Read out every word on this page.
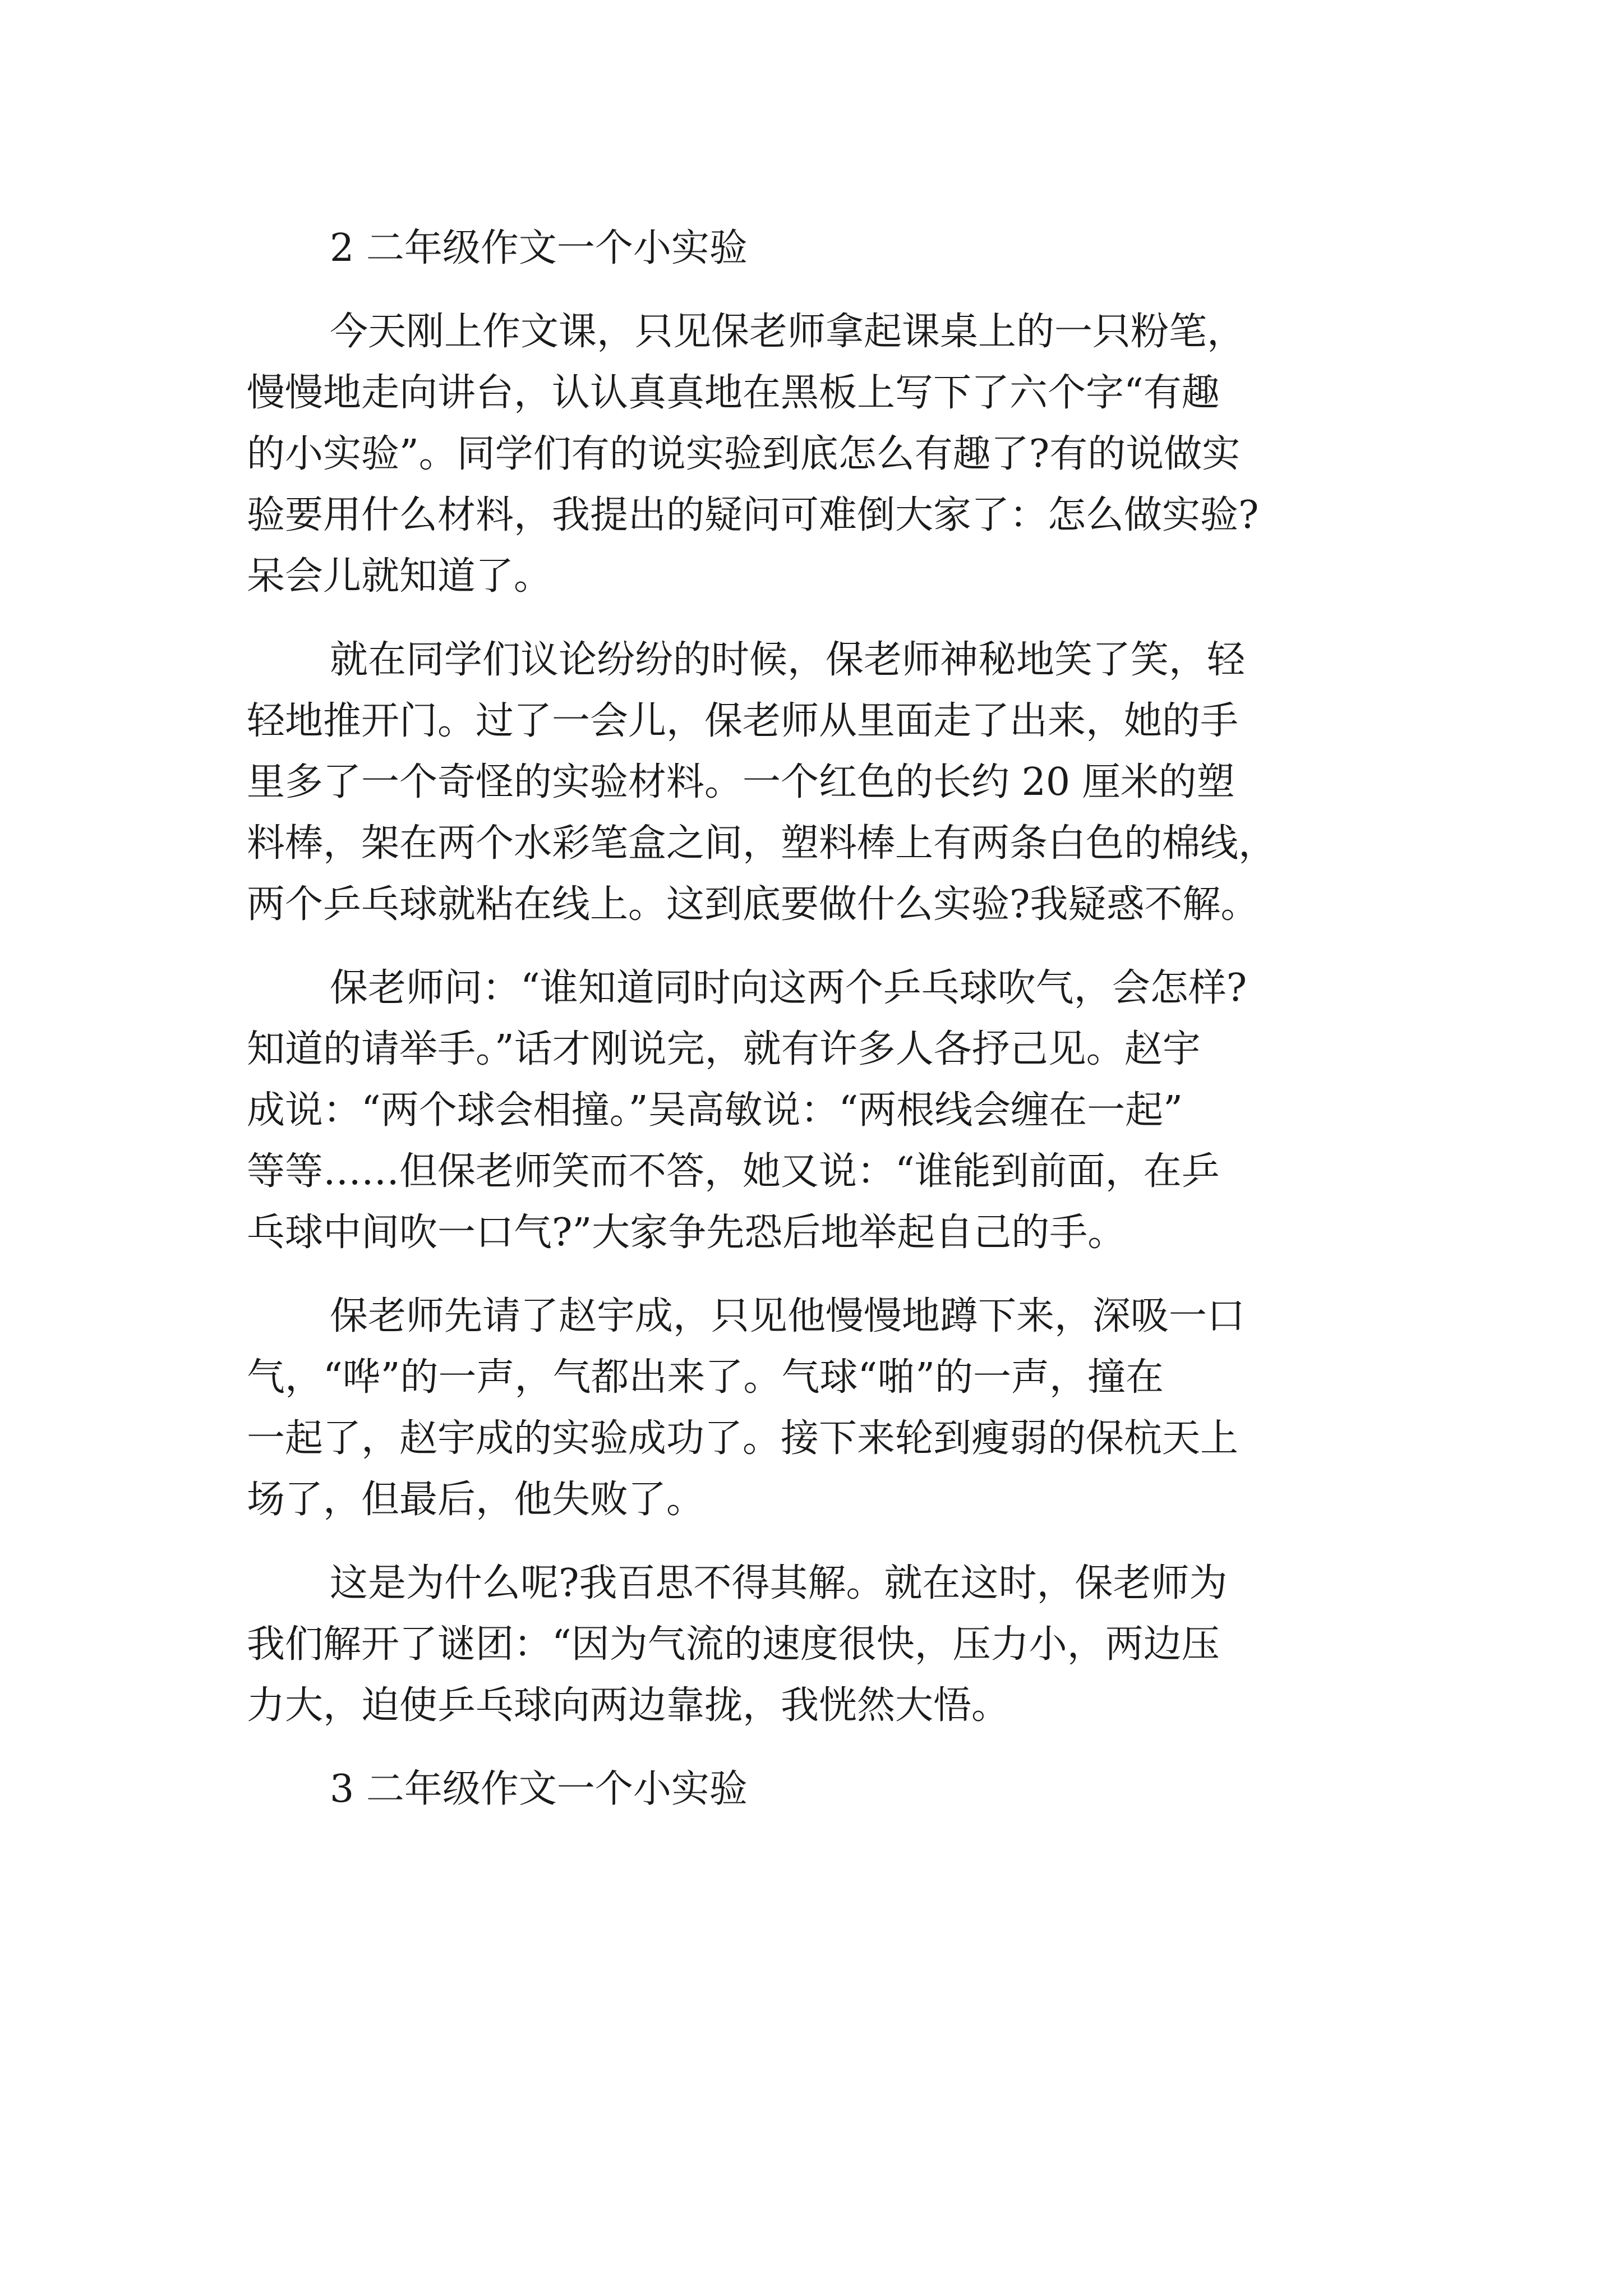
2 二年级作文一个小实验
今天刚上作文课，只见保老师拿起课桌上的一只粉笔，
慢慢地走向讲台，认认真真地在黑板上写下了六个字“有趣
的小实验”。同学们有的说实验到底怎么有趣了?有的说做实
验要用什么材料，我提出的疑问可难倒大家了：怎么做实验?
呆会儿就知道了。
就在同学们议论纷纷的时候，保老师神秘地笑了笑，轻
轻地推开门。过了一会儿，保老师从里面走了出来，她的手
里多了一个奇怪的实验材料。一个红色的长约 20 厘米的塑
料棒，架在两个水彩笔盒之间，塑料棒上有两条白色的棉线，
两个乒乓球就粘在线上。这到底要做什么实验?我疑惑不解。
保老师问：“谁知道同时向这两个乒乓球吹气，会怎样?
知道的请举手。”话才刚说完，就有许多人各抒己见。赵宇
成说：“两个球会相撞。”吴高敏说：“两根线会缠在一起”
等等……但保老师笑而不答，她又说：“谁能到前面，在乒
乓球中间吹一口气?”大家争先恐后地举起自己的手。
保老师先请了赵宇成，只见他慢慢地蹲下来，深吸一口
气，“哗”的一声，气都出来了。气球“啪”的一声，撞在
一起了，赵宇成的实验成功了。接下来轮到瘦弱的保杭天上
场了，但最后，他失败了。
这是为什么呢?我百思不得其解。就在这时，保老师为
我们解开了谜团：“因为气流的速度很快，压力小，两边压
力大，迫使乒乓球向两边靠拢，我恍然大悟。
3 二年级作文一个小实验
